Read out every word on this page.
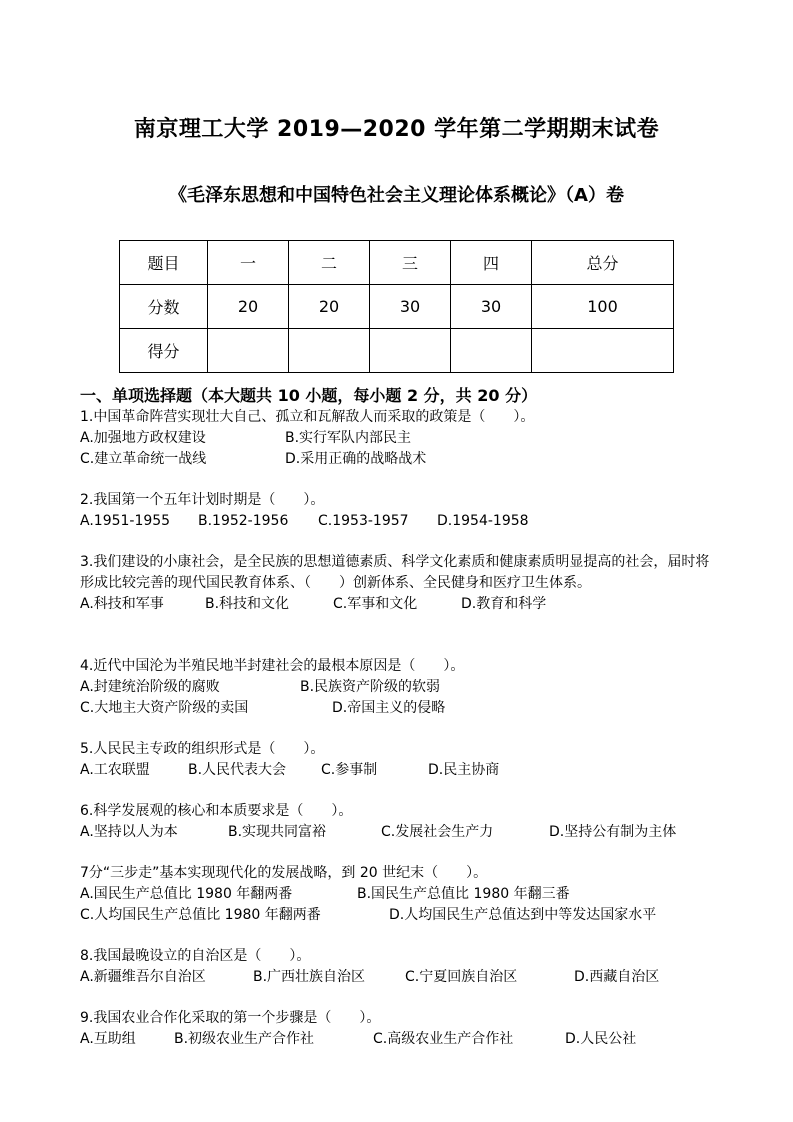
南京理工大学 2019—2020 学年第二学期期末试卷
《毛泽东思想和中国特色社会主义理论体系概论》（A）卷
题目	一	二	三	四	总分
分数	20	20	30	30	100
得分					
一、单项选择题（本大题共 10 小题，每小题 2 分，共 20 分）
1.中国革命阵营实现壮大自己、孤立和瓦解敌人而采取的政策是（　　）。
A.加强地方政权建设	B.实行军队内部民主
C.建立革命统一战线	D.采用正确的战略战术
2.我国第一个五年计划时期是（　　）。
A.1951-1955 B.1952-1956 C.1953-1957 D.1954-1958
3.我们建设的小康社会，是全民族的思想道德素质、科学文化素质和健康素质明显提高的社会，届时将形成比较完善的现代国民教育体系、（　　）创新体系、全民健身和医疗卫生体系。
A.科技和军事	B.科技和文化	C.军事和文化	D.教育和科学
4.近代中国沦为半殖民地半封建社会的最根本原因是（　　）。
A.封建统治阶级的腐败	B.民族资产阶级的软弱
C.大地主大资产阶级的卖国	D.帝国主义的侵略
5.人民民主专政的组织形式是（　　）。
A.工农联盟	B.人民代表大会 C.参事制	D.民主协商
6.科学发展观的核心和本质要求是（　　）。
A.坚持以人为本	B.实现共同富裕	C.发展社会生产力	D.坚持公有制为主体
7分“三步走”基本实现现代化的发展战略，到 20 世纪末（　　）。
A.国民生产总值比 1980 年翻两番	B.国民生产总值比 1980 年翻三番
C.人均国民生产总值比 1980 年翻两番	D.人均国民生产总值达到中等发达国家水平
8.我国最晚设立的自治区是（　　）。
A.新疆维吾尔自治区	B.广西壮族自治区	C.宁夏回族自治区	D.西藏自治区
9.我国农业合作化采取的第一个步骤是（　　）。
A.互助组	B.初级农业生产合作社	C.高级农业生产合作社	D.人民公社
